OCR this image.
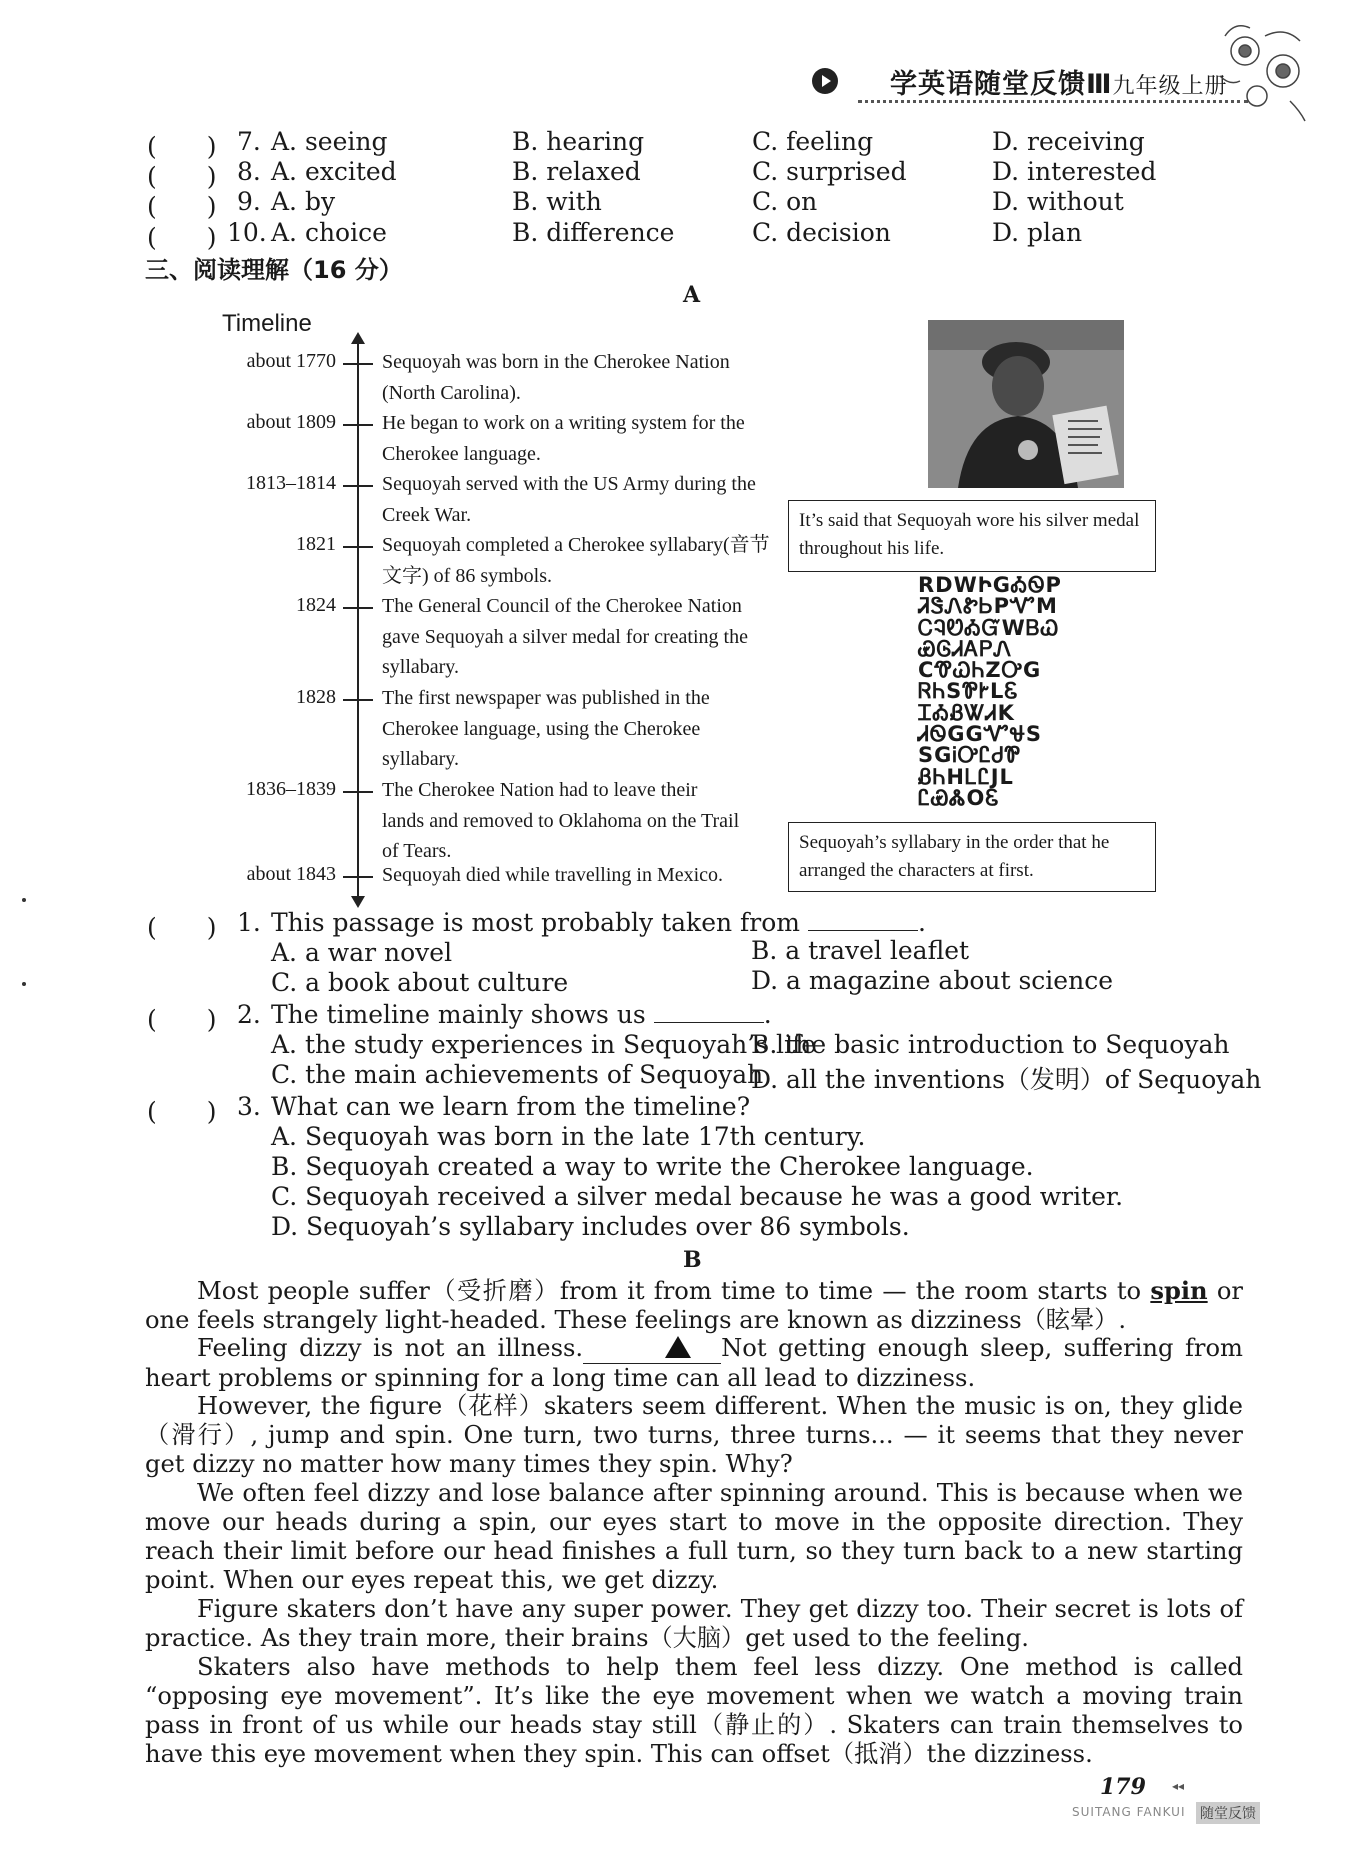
学英语随堂反馈Ⅲ九年级上册
(　　) 7. A. seeing	B. hearing	C. feeling	D. receiving
(　　) 8. A. excited	B. relaxed	C. surprised	D. interested
(　　) 9. A. by	B. with	C. on	D. without
(　　) 10. A. choice	B. difference	C. decision	D. plan
三、阅读理解（16 分）
A
Timeline
about 1770 Sequoyah was born in the Cherokee Nation (North Carolina).
about 1809 He began to work on a writing system for the Cherokee language.
1813–1814 Sequoyah served with the US Army during the Creek War.
1821 Sequoyah completed a Cherokee syllabary(音节文字) of 86 symbols.
1824 The General Council of the Cherokee Nation gave Sequoyah a silver medal for creating the syllabary.
1828 The first newspaper was published in the Cherokee language, using the Cherokee syllabary.
1836–1839 The Cherokee Nation had to leave their lands and removed to Oklahoma on the Trail of Tears.
about 1843 Sequoyah died while travelling in Mexico.
It’s said that Sequoyah wore his silver medal throughout his life.
RDWԻGᎣᏫP
ᏘᏕᏁᏑᏏPᏉM
ᏟᎸᏬᎣᏳWᏴᏇ
ᏯᎶᏗᎪᏢᏁ
CᏡᏇᏂZᎤG
ᏒᏂSᏈᎨLᏋ
ᏆᎣᏰᏔᏗK
ᏗᏫGGᏉᏠS
SGᎥᎤᏝᏧᏈ
ᏰᏂHᏞᏝJL
ᏝᏯᏜOᏋ
Sequoyah’s syllabary in the order that he arranged the characters at first.
(　　) 1. This passage is most probably taken from	.
A. a war novel	B. a travel leaflet
C. a book about culture	D. a magazine about science
(　　) 2. The timeline mainly shows us	.
A. the study experiences in Sequoyah’s life
B. the basic introduction to Sequoyah
C. the main achievements of Sequoyah
D. all the inventions（发明）of Sequoyah
(　　) 3. What can we learn from the timeline?
A. Sequoyah was born in the late 17th century.
B. Sequoyah created a way to write the Cherokee language.
C. Sequoyah received a silver medal because he was a good writer.
D. Sequoyah’s syllabary includes over 86 symbols.
B
Most people suffer（受折磨）from it from time to time — the room starts to spin or one feels strangely light-headed. These feelings are known as dizziness（眩晕）.
Feeling dizzy is not an illness.	Not getting enough sleep, suffering from heart problems or spinning for a long time can all lead to dizziness.
However, the figure（花样）skaters seem different. When the music is on, they glide（滑行）, jump and spin. One turn, two turns, three turns... — it seems that they never get dizzy no matter how many times they spin. Why?
We often feel dizzy and lose balance after spinning around. This is because when we move our heads during a spin, our eyes start to move in the opposite direction. They reach their limit before our head finishes a full turn, so they turn back to a new starting point. When our eyes repeat this, we get dizzy.
Figure skaters don’t have any super power. They get dizzy too. Their secret is lots of practice. As they train more, their brains（大脑）get used to the feeling.
Skaters also have methods to help them feel less dizzy. One method is called “opposing eye movement”. It’s like the eye movement when we watch a moving train pass in front of us while our heads stay still（静止的）. Skaters can train themselves to have this eye movement when they spin. This can offset（抵消）the dizziness.
179 ◂◂
SUITANG FANKUI 随堂反馈
